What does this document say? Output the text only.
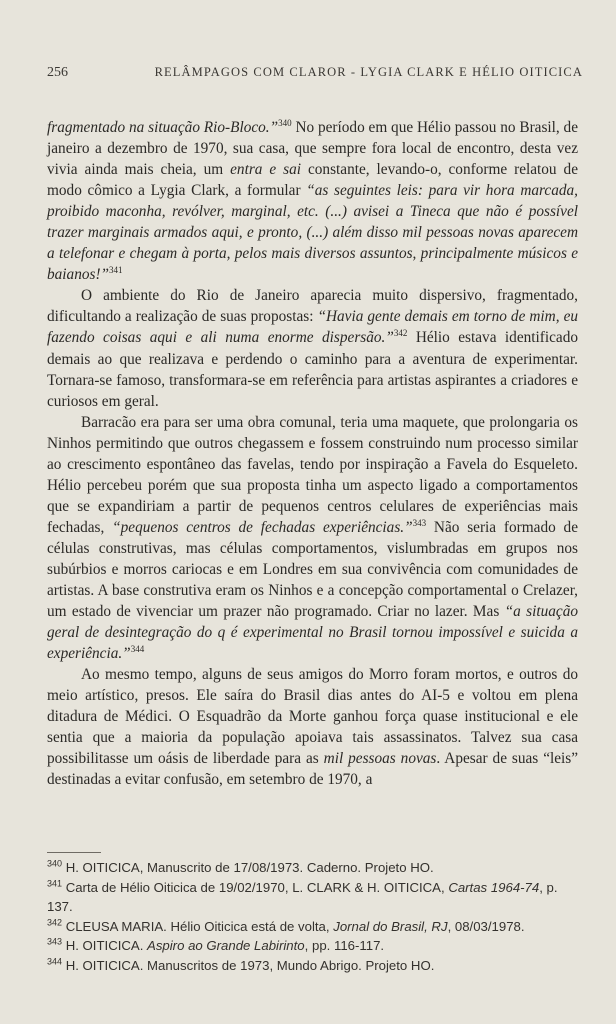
256	RELÂMPAGOS COM CLAROR - LYGIA CLARK E HÉLIO OITICICA

fragmentado na situação Rio-Bloco.”$^{340}$ No período em que Hélio passou no Brasil, de janeiro a dezembro de 1970, sua casa, que sempre fora local de encontro, desta vez vivia ainda mais cheia, um entra e sai constante, levando-o, conforme relatou de modo cômico a Lygia Clark, a formular “as seguintes leis: para vir hora marcada, proibido maconha, revólver, marginal, etc. (...) avisei a Tineca que não é possível trazer marginais armados aqui, e pronto, (...) além disso mil pessoas novas aparecem a telefonar e chegam à porta, pelos mais diversos assuntos, principalmente músicos e baianos!”$^{341}$

O ambiente do Rio de Janeiro aparecia muito dispersivo, fragmentado, dificultando a realização de suas propostas: “Havia gente demais em torno de mim, eu fazendo coisas aqui e ali numa enorme dispersão.”$^{342}$ Hélio estava identificado demais ao que realizava e perdendo o caminho para a aventura de experimentar. Tornara-se famoso, transformara-se em referência para artistas aspirantes a criadores e curiosos em geral.

Barracão era para ser uma obra comunal, teria uma maquete, que prolongaria os Ninhos permitindo que outros chegassem e fossem construindo num processo similar ao crescimento espontâneo das favelas, tendo por inspiração a Favela do Esqueleto. Hélio percebeu porém que sua proposta tinha um aspecto ligado a comportamentos que se expandiriam a partir de pequenos centros celulares de experiências mais fechadas, “pequenos centros de fechadas experiências.”$^{343}$ Não seria formado de células construtivas, mas células comportamentos, vislumbradas em grupos nos subúrbios e morros cariocas e em Londres em sua convivência com comunidades de artistas. A base construtiva eram os Ninhos e a concepção comportamental o Crelazer, um estado de vivenciar um prazer não programado. Criar no lazer. Mas “a situação geral de desintegração do q é experimental no Brasil tornou impossível e suicida a experiência.”$^{344}$

Ao mesmo tempo, alguns de seus amigos do Morro foram mortos, e outros do meio artístico, presos. Ele saíra do Brasil dias antes do AI-5 e voltou em plena ditadura de Médici. O Esquadrão da Morte ganhou força quase institucional e ele sentia que a maioria da população apoiava tais assassinatos. Talvez sua casa possibilitasse um oásis de liberdade para as mil pessoas novas. Apesar de suas “leis” destinadas a evitar confusão, em setembro de 1970, a

$^{340}$ H. OITICICA, Manuscrito de 17/08/1973. Caderno. Projeto HO.
$^{341}$ Carta de Hélio Oiticica de 19/02/1970, L. CLARK & H. OITICICA, Cartas 1964-74, p. 137.
$^{342}$ CLEUSA MARIA. Hélio Oiticica está de volta, Jornal do Brasil, RJ, 08/03/1978.
$^{343}$ H. OITICICA. Aspiro ao Grande Labirinto, pp. 116-117.
$^{344}$ H. OITICICA. Manuscritos de 1973, Mundo Abrigo. Projeto HO.
